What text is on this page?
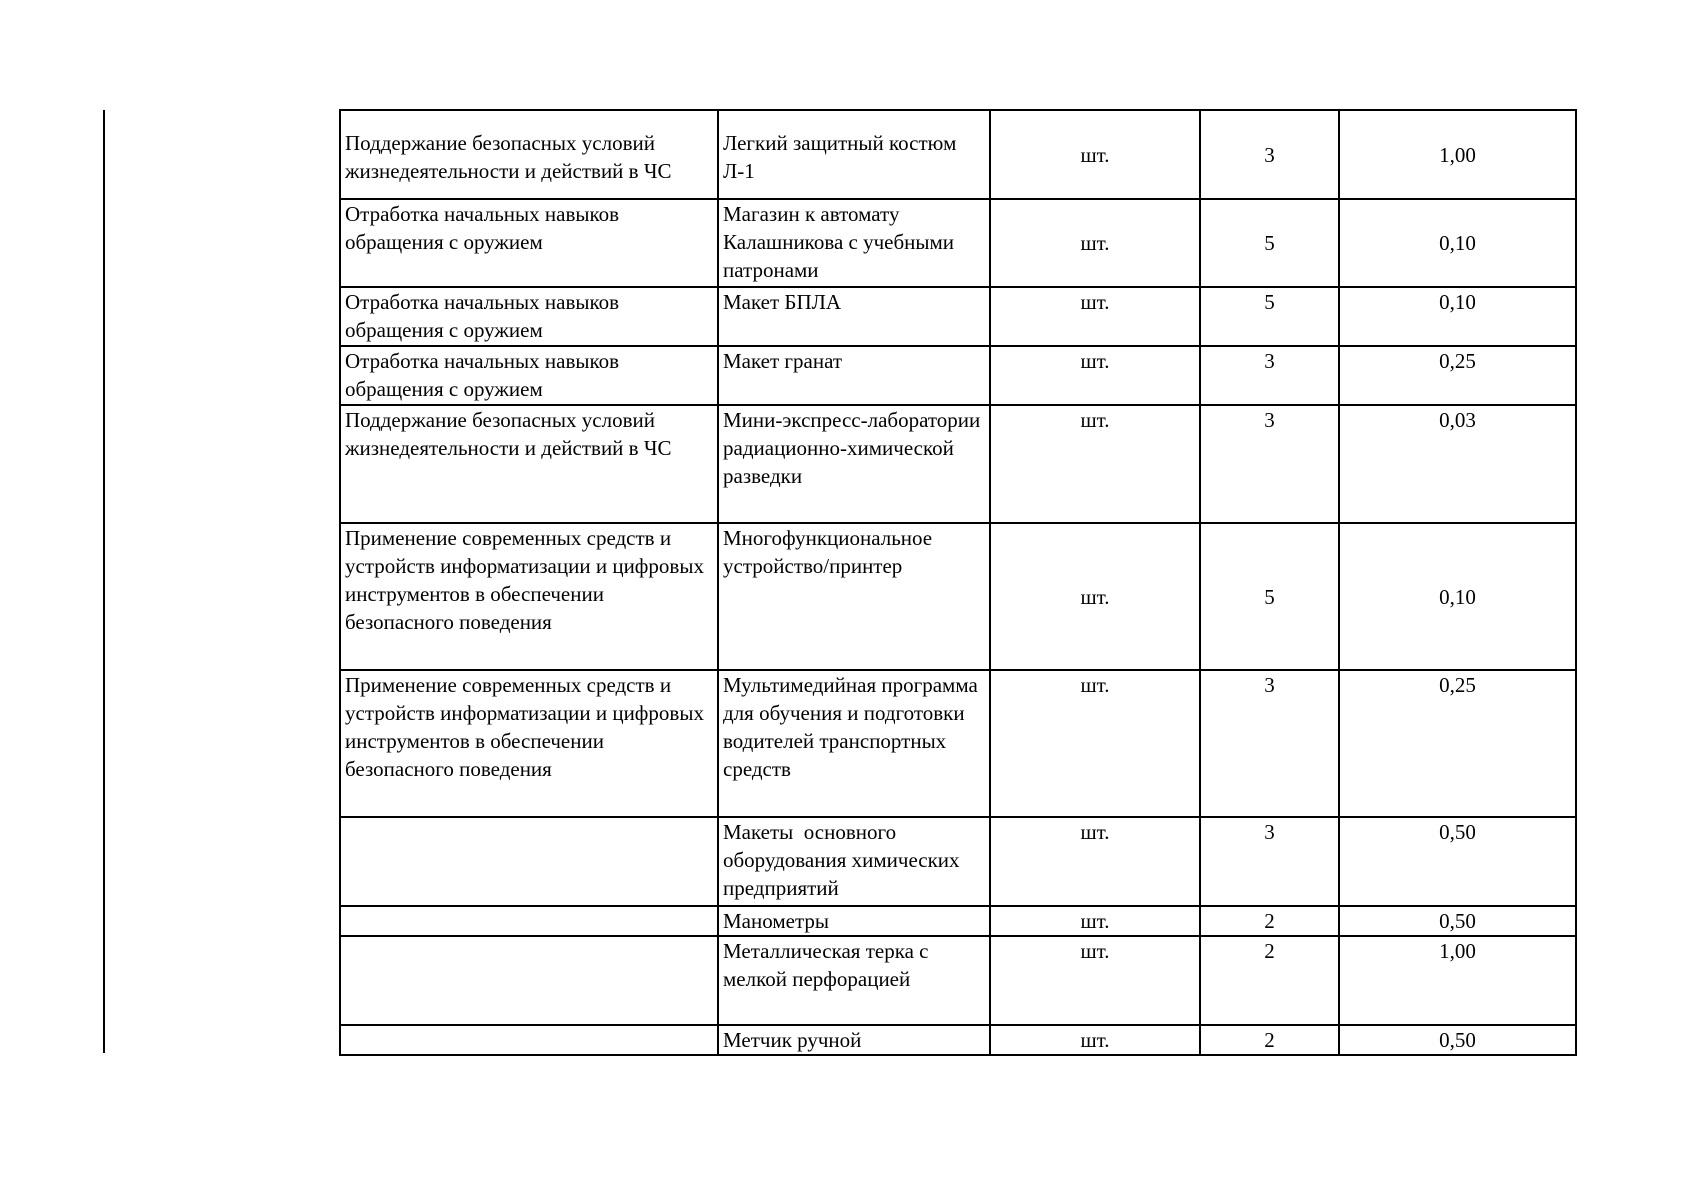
Поддержание безопасных условий жизнедеятельности и действий в ЧС	Легкий защитный костюм Л-1	шт.	3	1,00
Отработка начальных навыков обращения с оружием	Магазин к автомату Калашникова с учебными патронами	шт.	5	0,10
Отработка начальных навыков обращения с оружием	Макет БПЛА	шт.	5	0,10
Отработка начальных навыков обращения с оружием	Макет гранат	шт.	3	0,25
Поддержание безопасных условий жизнедеятельности и действий в ЧС	Мини-экспресс-лаборатории радиационно-химической разведки	шт.	3	0,03
Применение современных средств и устройств информатизации и цифровых инструментов в обеспечении безопасного поведения	Многофункциональное устройство/принтер	шт.	5	0,10
Применение современных средств и устройств информатизации и цифровых инструментов в обеспечении безопасного поведения	Мультимедийная программа для обучения и подготовки водителей транспортных средств	шт.	3	0,25
	Макеты  основного оборудования химических предприятий	шт.	3	0,50
	Манометры	шт.	2	0,50
	Металлическая терка с мелкой перфорацией	шт.	2	1,00
	Метчик ручной	шт.	2	0,50
